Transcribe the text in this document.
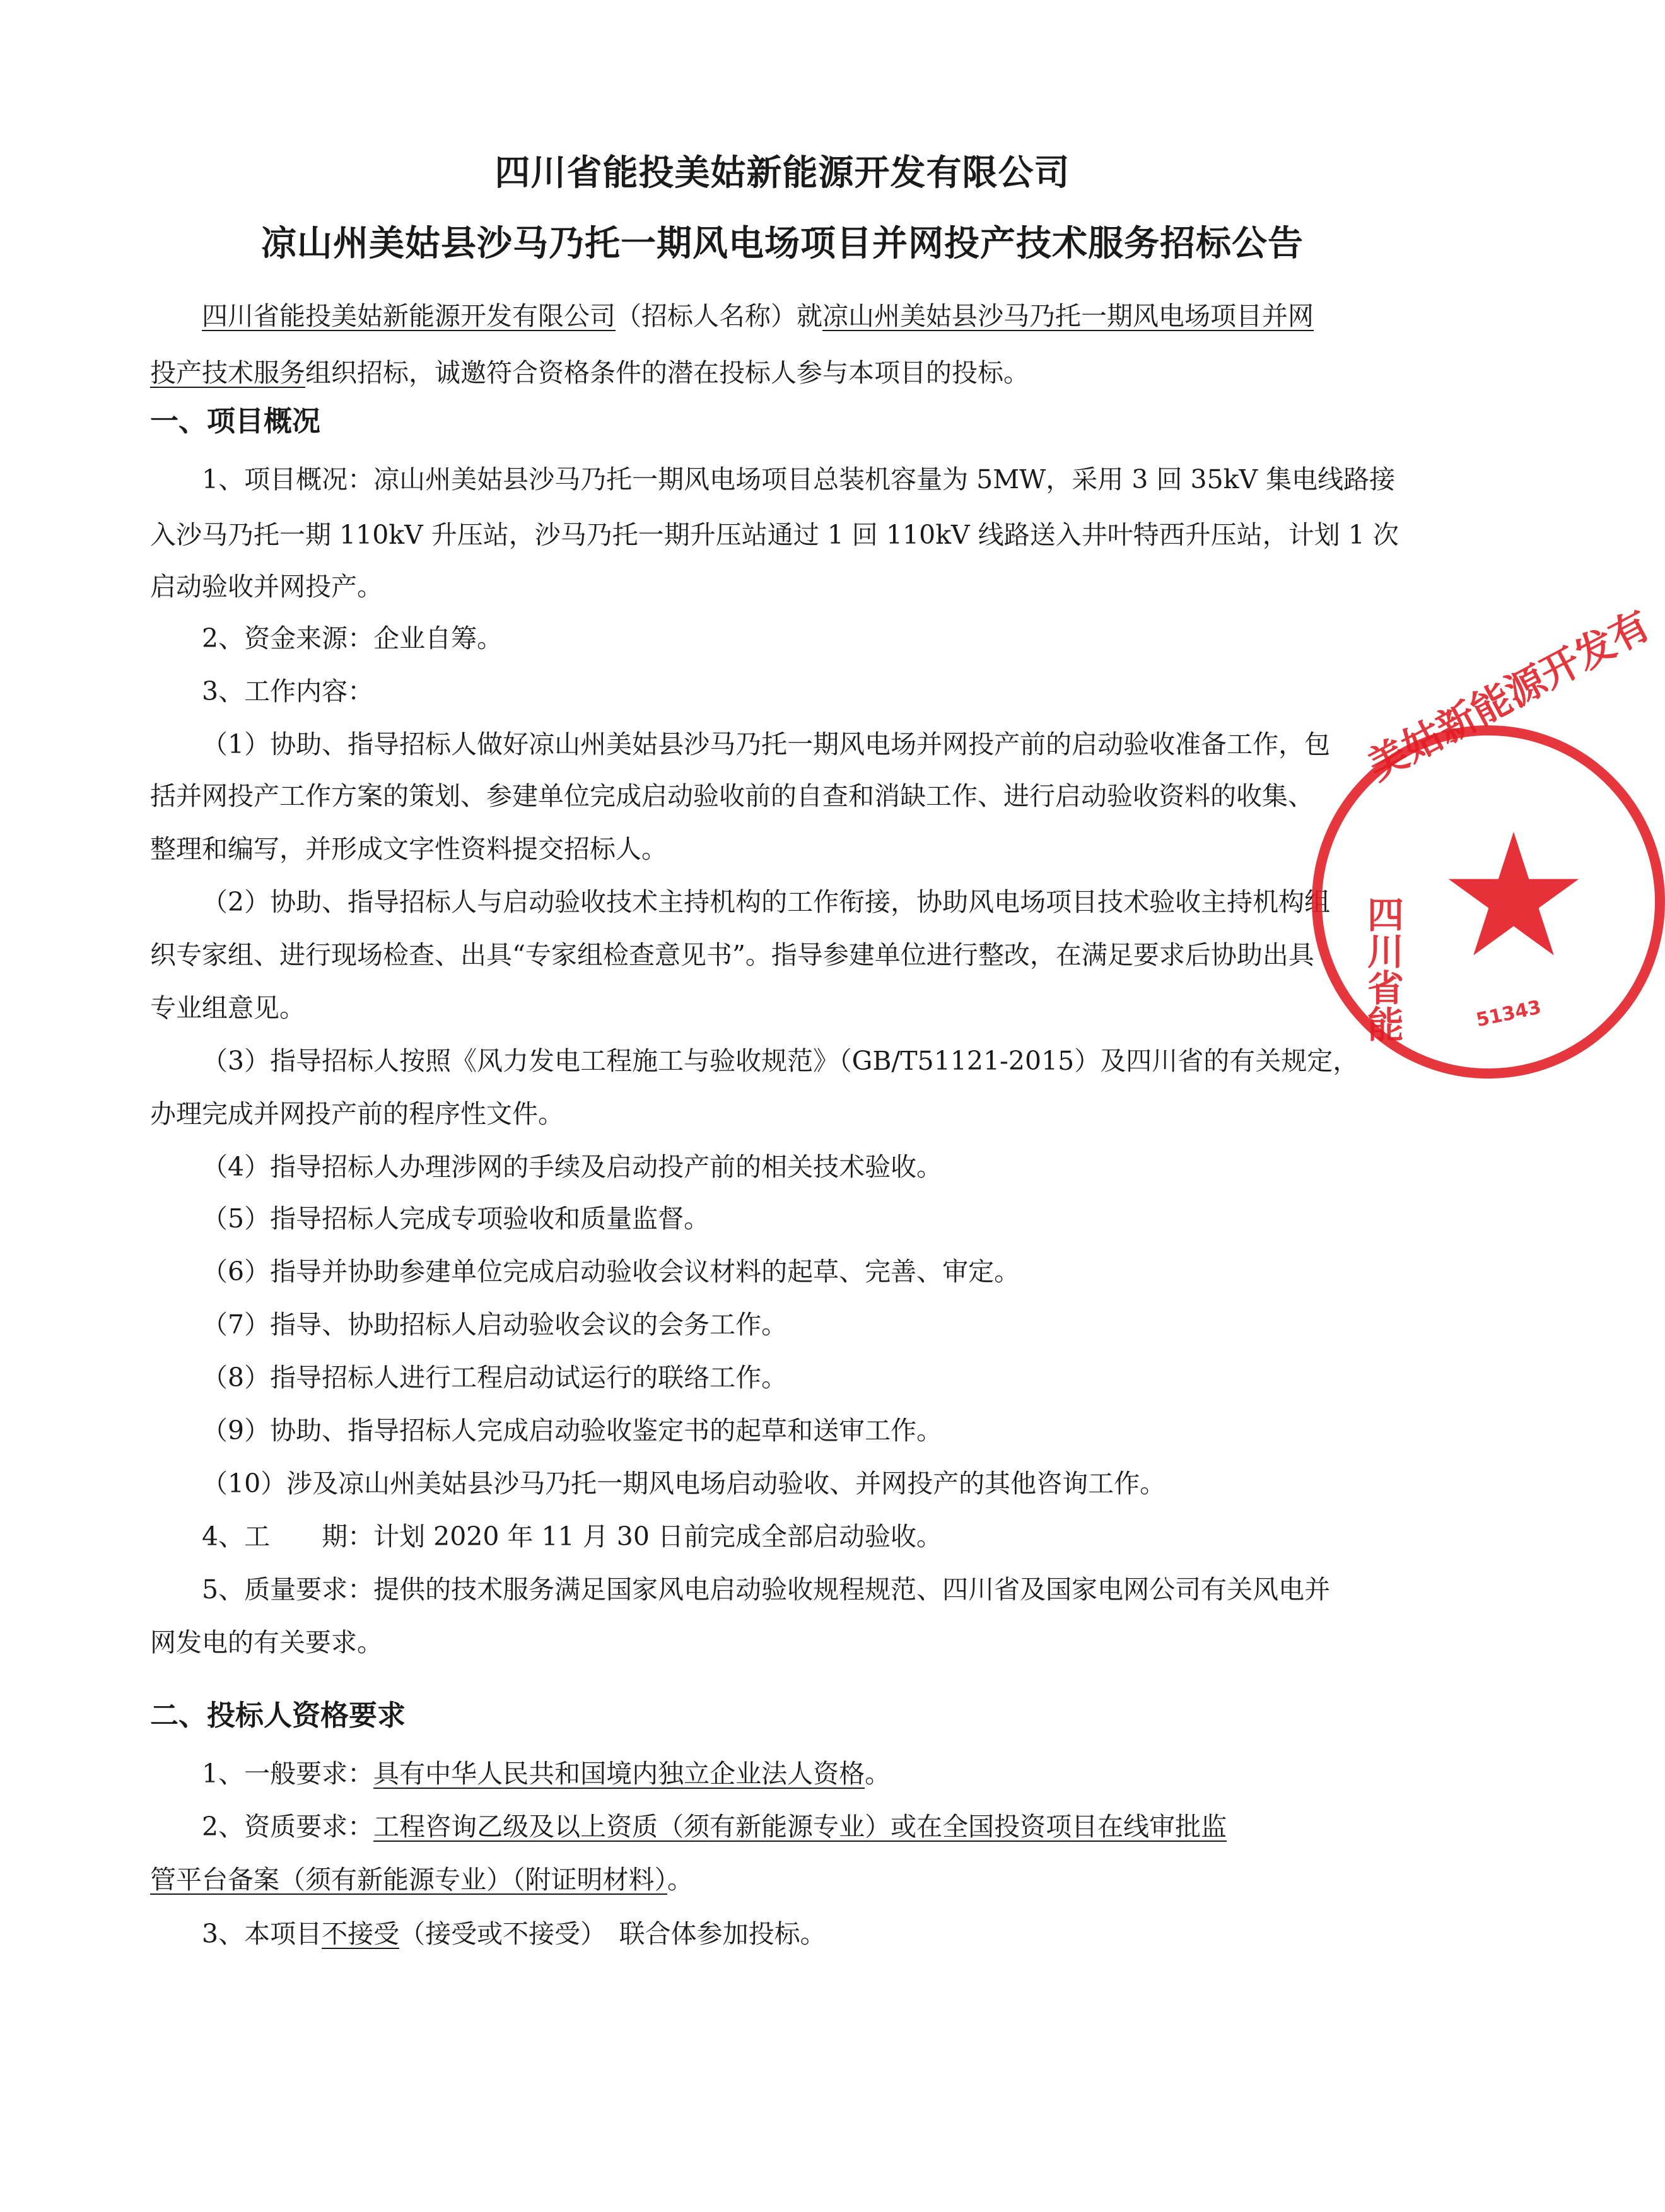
四川省能投美姑新能源开发有限公司
凉山州美姑县沙马乃托一期风电场项目并网投产技术服务招标公告
四川省能投美姑新能源开发有限公司（招标人名称）就凉山州美姑县沙马乃托一期风电场项目并网
投产技术服务组织招标，诚邀符合资格条件的潜在投标人参与本项目的投标。
一、项目概况
1、项目概况：凉山州美姑县沙马乃托一期风电场项目总装机容量为 5MW，采用 3 回 35kV 集电线路接
入沙马乃托一期 110kV 升压站，沙马乃托一期升压站通过 1 回 110kV 线路送入井叶特西升压站，计划 1 次
启动验收并网投产。
2、资金来源：企业自筹。
3、工作内容：
（1）协助、指导招标人做好凉山州美姑县沙马乃托一期风电场并网投产前的启动验收准备工作，包
括并网投产工作方案的策划、参建单位完成启动验收前的自查和消缺工作、进行启动验收资料的收集、
整理和编写，并形成文字性资料提交招标人。
（2）协助、指导招标人与启动验收技术主持机构的工作衔接，协助风电场项目技术验收主持机构组
织专家组、进行现场检查、出具“专家组检查意见书”。指导参建单位进行整改，在满足要求后协助出具
专业组意见。
（3）指导招标人按照《风力发电工程施工与验收规范》（GB/T51121-2015）及四川省的有关规定，
办理完成并网投产前的程序性文件。
（4）指导招标人办理涉网的手续及启动投产前的相关技术验收。
（5）指导招标人完成专项验收和质量监督。
（6）指导并协助参建单位完成启动验收会议材料的起草、完善、审定。
（7）指导、协助招标人启动验收会议的会务工作。
（8）指导招标人进行工程启动试运行的联络工作。
（9）协助、指导招标人完成启动验收鉴定书的起草和送审工作。
（10）涉及凉山州美姑县沙马乃托一期风电场启动验收、并网投产的其他咨询工作。
4、工　　期：计划 2020 年 11 月 30 日前完成全部启动验收。
5、质量要求：提供的技术服务满足国家风电启动验收规程规范、四川省及国家电网公司有关风电并
网发电的有关要求。
二、投标人资格要求
1、一般要求：具有中华人民共和国境内独立企业法人资格。
2、资质要求：工程咨询乙级及以上资质（须有新能源专业）或在全国投资项目在线审批监
管平台备案（须有新能源专业）（附证明材料）。
3、本项目不接受（接受或不接受）　联合体参加投标。
美姑新能源开发有
四川省能	51343
